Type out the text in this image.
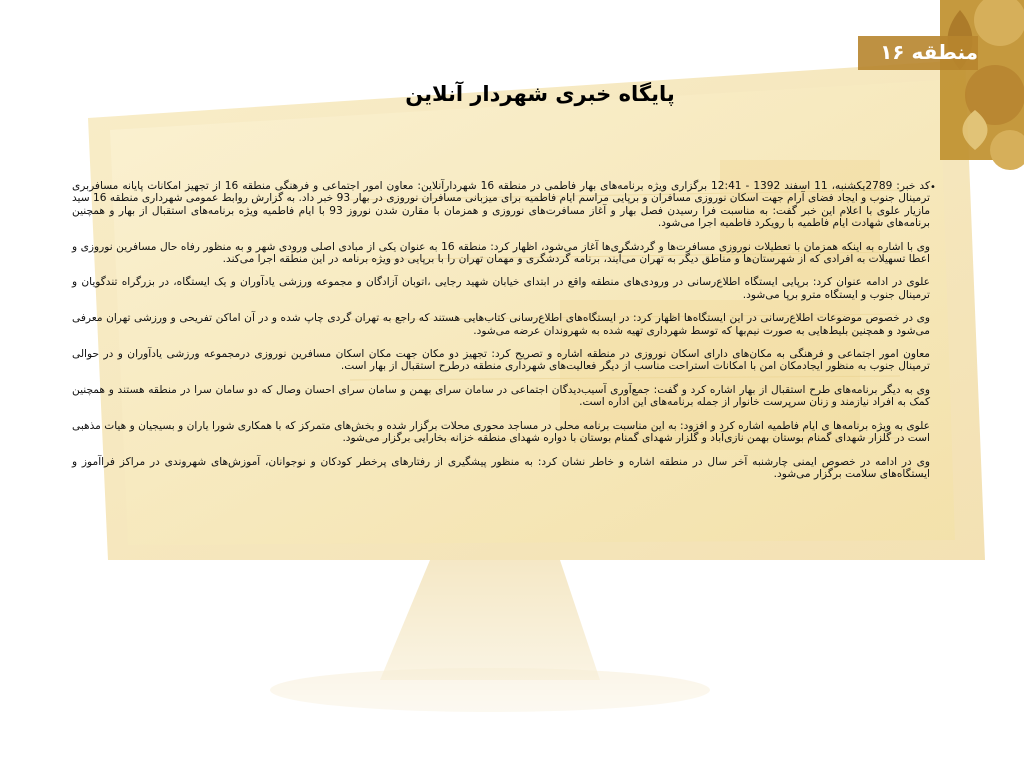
منطقه ۱۶
پایگاه خبری شهردار آنلاین
•

کد خبر: 2789یکشنبه، 11 اسفند 1392 - 12:41 برگزاری ویژه برنامه‌های بهار فاطمی در منطقه 16 شهردارآنلاین: معاون امور اجتماعی و فرهنگی منطقه 16 از تجهیز امکانات پایانه مسافربری ترمینال جنوب و ایجاد فضای آرام جهت اسکان نوروزی مسافران و برپایی مراسم ایام فاطمیه برای میزبانی مسافران نوروزی در بهار 93 خبر داد. به گزارش روابط عمومی شهرداری منطقه 16 سید مازیار علوی با اعلام این خبر گفت: به مناسبت فرا رسیدن فصل بهار و آغاز مسافرت‌های نوروزی و همزمان با مقارن شدن نوروز 93 با ایام فاطمیه ویژه برنامه‌های استقبال از بهار و همچنین برنامه‌های شهادت ایام فاطمیه با رویکرد فاطمیه اجرا می‌شود.

وی با اشاره به اینکه همزمان با تعطیلات نوروزی مسافرت‌ها و گردشگری‌ها آغاز می‌شود، اظهار کرد: منطقه 16 به عنوان یکی از مبادی اصلی ورودی شهر و به منظور رفاه حال مسافرین نوروزی و اعطا تسهیلات به افرادی که از شهرستان‌ها و مناطق دیگر به تهران می‌آیند، برنامه گردشگری و مهمان تهران را با برپایی دو ویژه برنامه در این منطقه اجرا می‌کند.

علوی در ادامه عنوان کرد: برپایی ایستگاه اطلاع‌رسانی در ورودی‌های منطقه واقع در ابتدای خیابان شهید رجایی ،اتوبان آزادگان و مجموعه ورزشی یادآوران و یک ایستگاه، در بزرگراه تندگویان و ترمینال جنوب و ایستگاه مترو برپا می‌شود.

وی در خصوص موضوعات اطلاع‌رسانی در این ایستگاه‌ها اظهار کرد: در ایستگاه‌های اطلاع‌رسانی کتاب‌هایی هستند که راجع به تهران گردی چاپ شده و در آن اماکن تفریحی و ورزشی تهران معرفی می‌شود و همچنین بلیط‌هایی به صورت نیم‌بها که توسط شهرداری تهیه شده به شهروندان عرضه می‌شود.

معاون امور اجتماعی و فرهنگی به مکان‌های دارای اسکان نوروزی در منطقه اشاره و تصریح کرد: تجهیز دو مکان جهت مکان اسکان مسافرین نوروزی درمجموعه ورزشی یادآوران و در حوالی ترمینال جنوب به منظور ایجادمکان امن با امکانات استراحت مناسب از دیگر فعالیت‌های شهرداری منطقه درطرح استقبال از بهار است.

وی به دیگر برنامه‌های طرح استقبال از بهار اشاره کرد و گفت: جمع‌آوری آسیب‌دیدگان اجتماعی در سامان سرای بهمن و سامان سرای احسان وصال که دو سامان سرا در منطقه هستند و همچنین کمک به افراد نیازمند و زنان سرپرست خانوار از جمله برنامه‌های این اداره است.

علوی به ویژه برنامه‌ها ی ایام فاطمیه اشاره کرد و افزود: به این مناسبت برنامه محلی در مساجد محوری محلات برگزار شده و بخش‌های متمرکز که با همکاری شورا یاران و بسیجیان و هیات مذهبی است در گلزار شهدای گمنام بوستان بهمن نازی‌آباد و گلزار شهدای گمنام بوستان با دواره شهدای منطقه خزانه بخارایی برگزار می‌شود.

وی در ادامه در خصوص ایمنی چارشنبه آخر سال در منطقه اشاره و خاطر نشان کرد: به منظور پیشگیری از رفتارهای پرخطر کودکان و نوجوانان، آموزش‌های شهروندی در مراکز فراآموز و ایستگاه‌های سلامت برگزار می‌شود.
